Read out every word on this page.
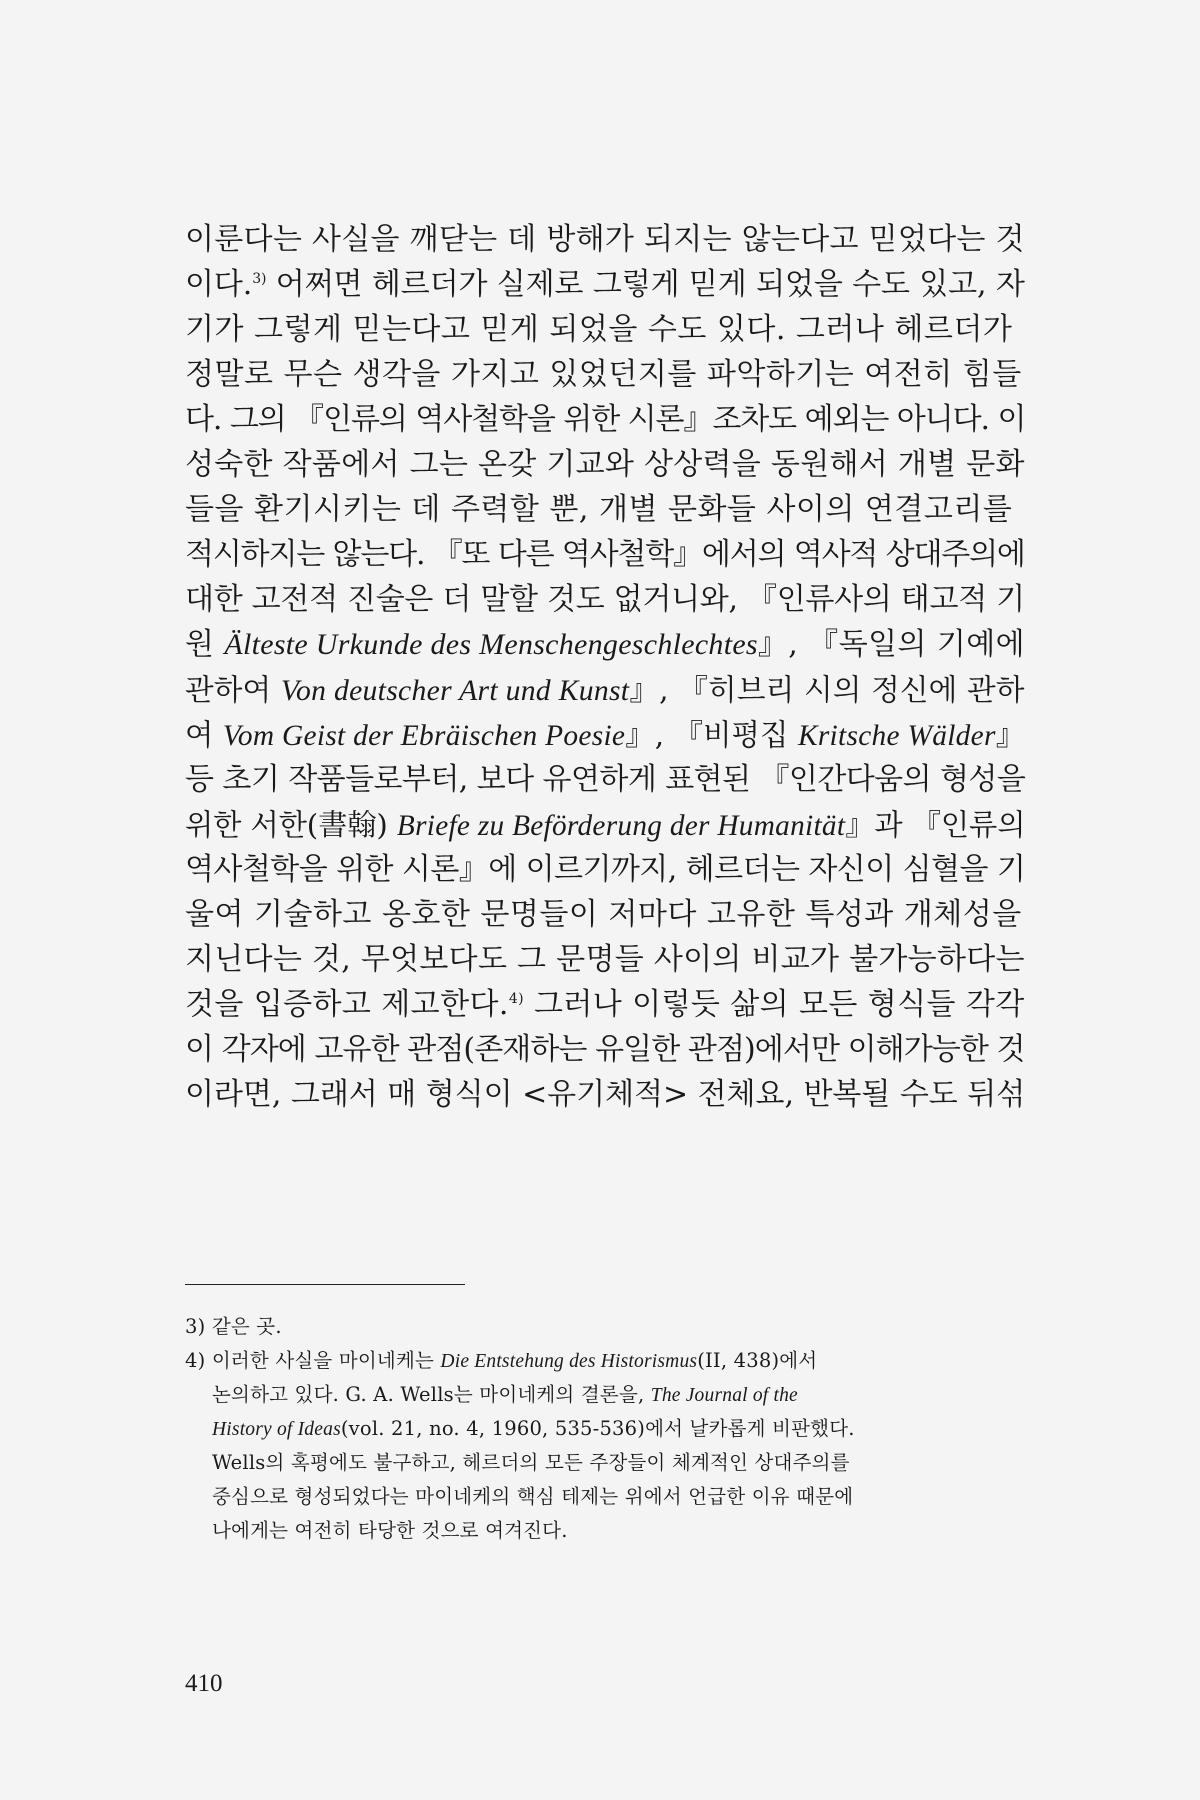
이룬다는 사실을 깨닫는 데 방해가 되지는 않는다고 믿었다는 것
이다.$^{3)}$ 어쩌면 헤르더가 실제로 그렇게 믿게 되었을 수도 있고, 자
기가 그렇게 믿는다고 믿게 되었을 수도 있다. 그러나 헤르더가
정말로 무슨 생각을 가지고 있었던지를 파악하기는 여전히 힘들
다. 그의 『인류의 역사철학을 위한 시론』조차도 예외는 아니다. 이
성숙한 작품에서 그는 온갖 기교와 상상력을 동원해서 개별 문화
들을 환기시키는 데 주력할 뿐, 개별 문화들 사이의 연결고리를
적시하지는 않는다. 『또 다른 역사철학』에서의 역사적 상대주의에
대한 고전적 진술은 더 말할 것도 없거니와, 『인류사의 태고적 기
원 Älteste Urkunde des Menschengeschlechtes』, 『독일의 기예에
관하여 Von deutscher Art und Kunst』, 『히브리 시의 정신에 관하
여 Vom Geist der Ebräischen Poesie』, 『비평집 Kritsche Wälder』
등 초기 작품들로부터, 보다 유연하게 표현된 『인간다움의 형성을
위한 서한(書翰) Briefe zu Beförderung der Humanität』과 『인류의
역사철학을 위한 시론』에 이르기까지, 헤르더는 자신이 심혈을 기
울여 기술하고 옹호한 문명들이 저마다 고유한 특성과 개체성을
지닌다는 것, 무엇보다도 그 문명들 사이의 비교가 불가능하다는
것을 입증하고 제고한다.$^{4)}$ 그러나 이렇듯 삶의 모든 형식들 각각
이 각자에 고유한 관점(존재하는 유일한 관점)에서만 이해가능한 것
이라면, 그래서 매 형식이 <유기체적> 전체요, 반복될 수도 뒤섞
3) 같은 곳.
4) 이러한 사실을 마이네케는 Die Entstehung des Historismus(II, 438)에서
논의하고 있다. G. A. Wells는 마이네케의 결론을, The Journal of the
History of Ideas(vol. 21, no. 4, 1960, 535-536)에서 날카롭게 비판했다.
Wells의 혹평에도 불구하고, 헤르더의 모든 주장들이 체계적인 상대주의를
중심으로 형성되었다는 마이네케의 핵심 테제는 위에서 언급한 이유 때문에
나에게는 여전히 타당한 것으로 여겨진다.
410
